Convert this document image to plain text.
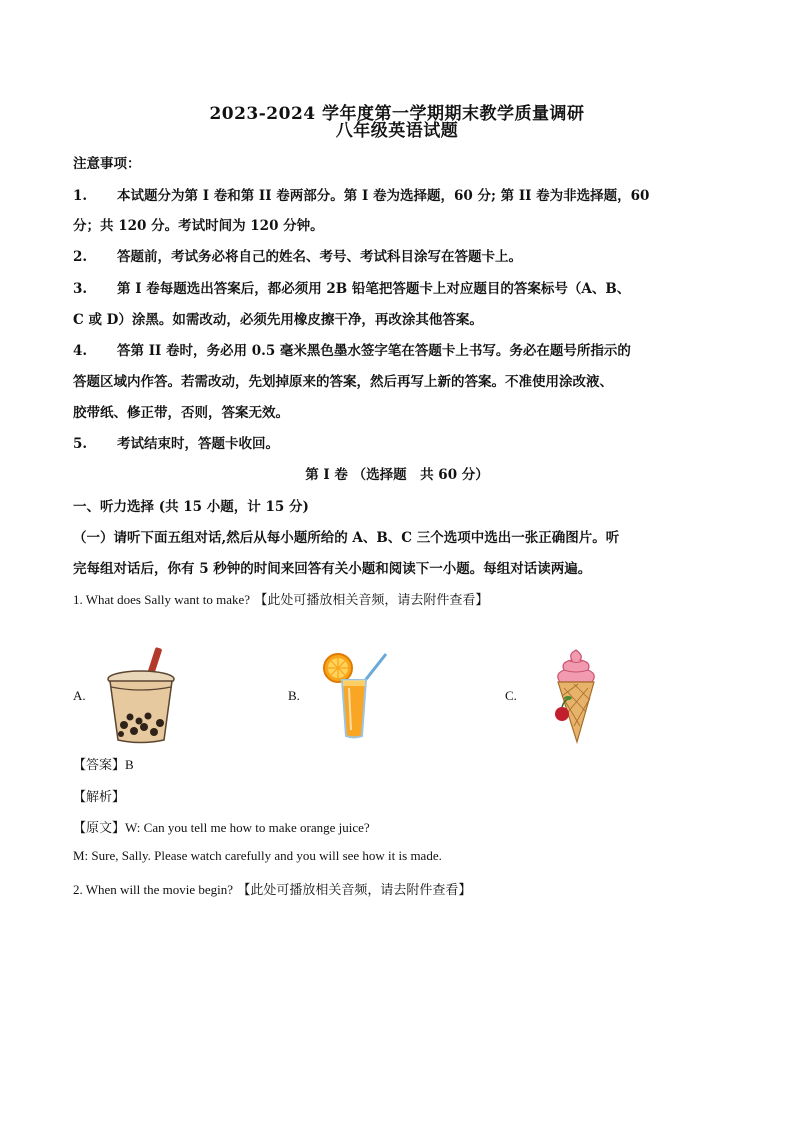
2023-2024 学年度第一学期期末教学质量调研
八年级英语试题
注意事项：
1. 本试题分为第 I 卷和第 II 卷两部分。第 I 卷为选择题，60 分; 第 II 卷为非选择题，60
分；共 120 分。考试时间为 120 分钟。
2. 答题前，考试务必将自己的姓名、考号、考试科目涂写在答题卡上。
3. 第 I 卷每题选出答案后，都必须用 2B 铅笔把答题卡上对应题目的答案标号（A、B、
C 或 D）涂黑。如需改动，必须先用橡皮擦干净，再改涂其他答案。
4. 答第 II 卷时，务必用 0.5 毫米黑色墨水签字笔在答题卡上书写。务必在题号所指示的
答题区域内作答。若需改动，先划掉原来的答案，然后再写上新的答案。不准使用涂改液、
胶带纸、修正带，否则，答案无效。
5. 考试结束时，答题卡收回。
第 I 卷 （选择题　共 60 分）
一、听力选择 (共 15 小题，计 15 分)
（一）请听下面五组对话,然后从每小题所给的 A、B、C 三个选项中选出一张正确图片。听
完每组对话后，你有 5 秒钟的时间来回答有关小题和阅读下一小题。每组对话读两遍。
1. What does Sally want to make? 【此处可播放相关音频，请去附件查看】
A.	B.	C.
【答案】B
【解析】
【原文】W: Can you tell me how to make orange juice?
M: Sure, Sally. Please watch carefully and you will see how it is made.
2. When will the movie begin? 【此处可播放相关音频，请去附件查看】
